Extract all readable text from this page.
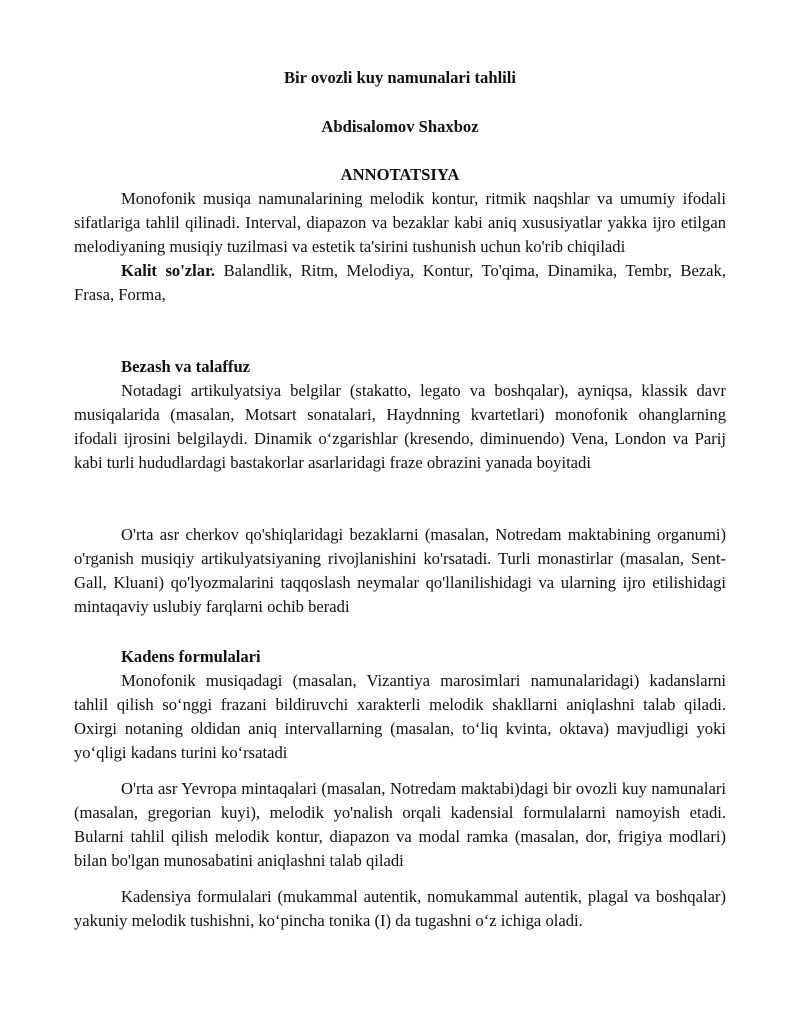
Bir ovozli kuy namunalari tahlili
Abdisalomov Shaxboz
ANNOTATSIYA

Monofonik musiqa namunalarining melodik kontur, ritmik naqshlar va umumiy ifodali sifatlariga tahlil qilinadi. Interval, diapazon va bezaklar kabi aniq xususiyatlar yakka ijro etilgan melodiyaning musiqiy tuzilmasi va estetik ta'sirini tushunish uchun ko'rib chiqiladi

Kalit so'zlar. Balandlik, Ritm, Melodiya, Kontur, To'qima, Dinamika, Tembr, Bezak, Frasa, Forma,

Bezash va talaffuz

Notadagi artikulyatsiya belgilar (stakatto, legato va boshqalar), ayniqsa, klassik davr musiqalarida (masalan, Motsart sonatalari, Haydnning kvartetlari) monofonik ohanglarning ifodali ijrosini belgilaydi. Dinamik o‘zgarishlar (kresendo, diminuendo) Vena, London va Parij kabi turli hududlardagi bastakorlar asarlaridagi fraze obrazini yanada boyitadi

O'rta asr cherkov qo'shiqlaridagi bezaklarni (masalan, Notredam maktabining organumi) o'rganish musiqiy artikulyatsiyaning rivojlanishini ko'rsatadi. Turli monastirlar (masalan, Sent-Gall, Kluani) qo'lyozmalarini taqqoslash neymalar qo'llanilishidagi va ularning ijro etilishidagi mintaqaviy uslubiy farqlarni ochib beradi

Kadens formulalari

Monofonik musiqadagi (masalan, Vizantiya marosimlari namunalaridagi) kadanslarni tahlil qilish so‘nggi frazani bildiruvchi xarakterli melodik shakllarni aniqlashni talab qiladi. Oxirgi notaning oldidan aniq intervallarning (masalan, to‘liq kvinta, oktava) mavjudligi yoki yo‘qligi kadans turini ko‘rsatadi

O'rta asr Yevropa mintaqalari (masalan, Notredam maktabi)dagi bir ovozli kuy namunalari (masalan, gregorian kuyi), melodik yo'nalish orqali kadensial formulalarni namoyish etadi. Bularni tahlil qilish melodik kontur, diapazon va modal ramka (masalan, dor, frigiya modlari) bilan bo'lgan munosabatini aniqlashni talab qiladi

Kadensiya formulalari (mukammal autentik, nomukammal autentik, plagal va boshqalar) yakuniy melodik tushishni, ko‘pincha tonika (I) da tugashni o‘z ichiga oladi.
